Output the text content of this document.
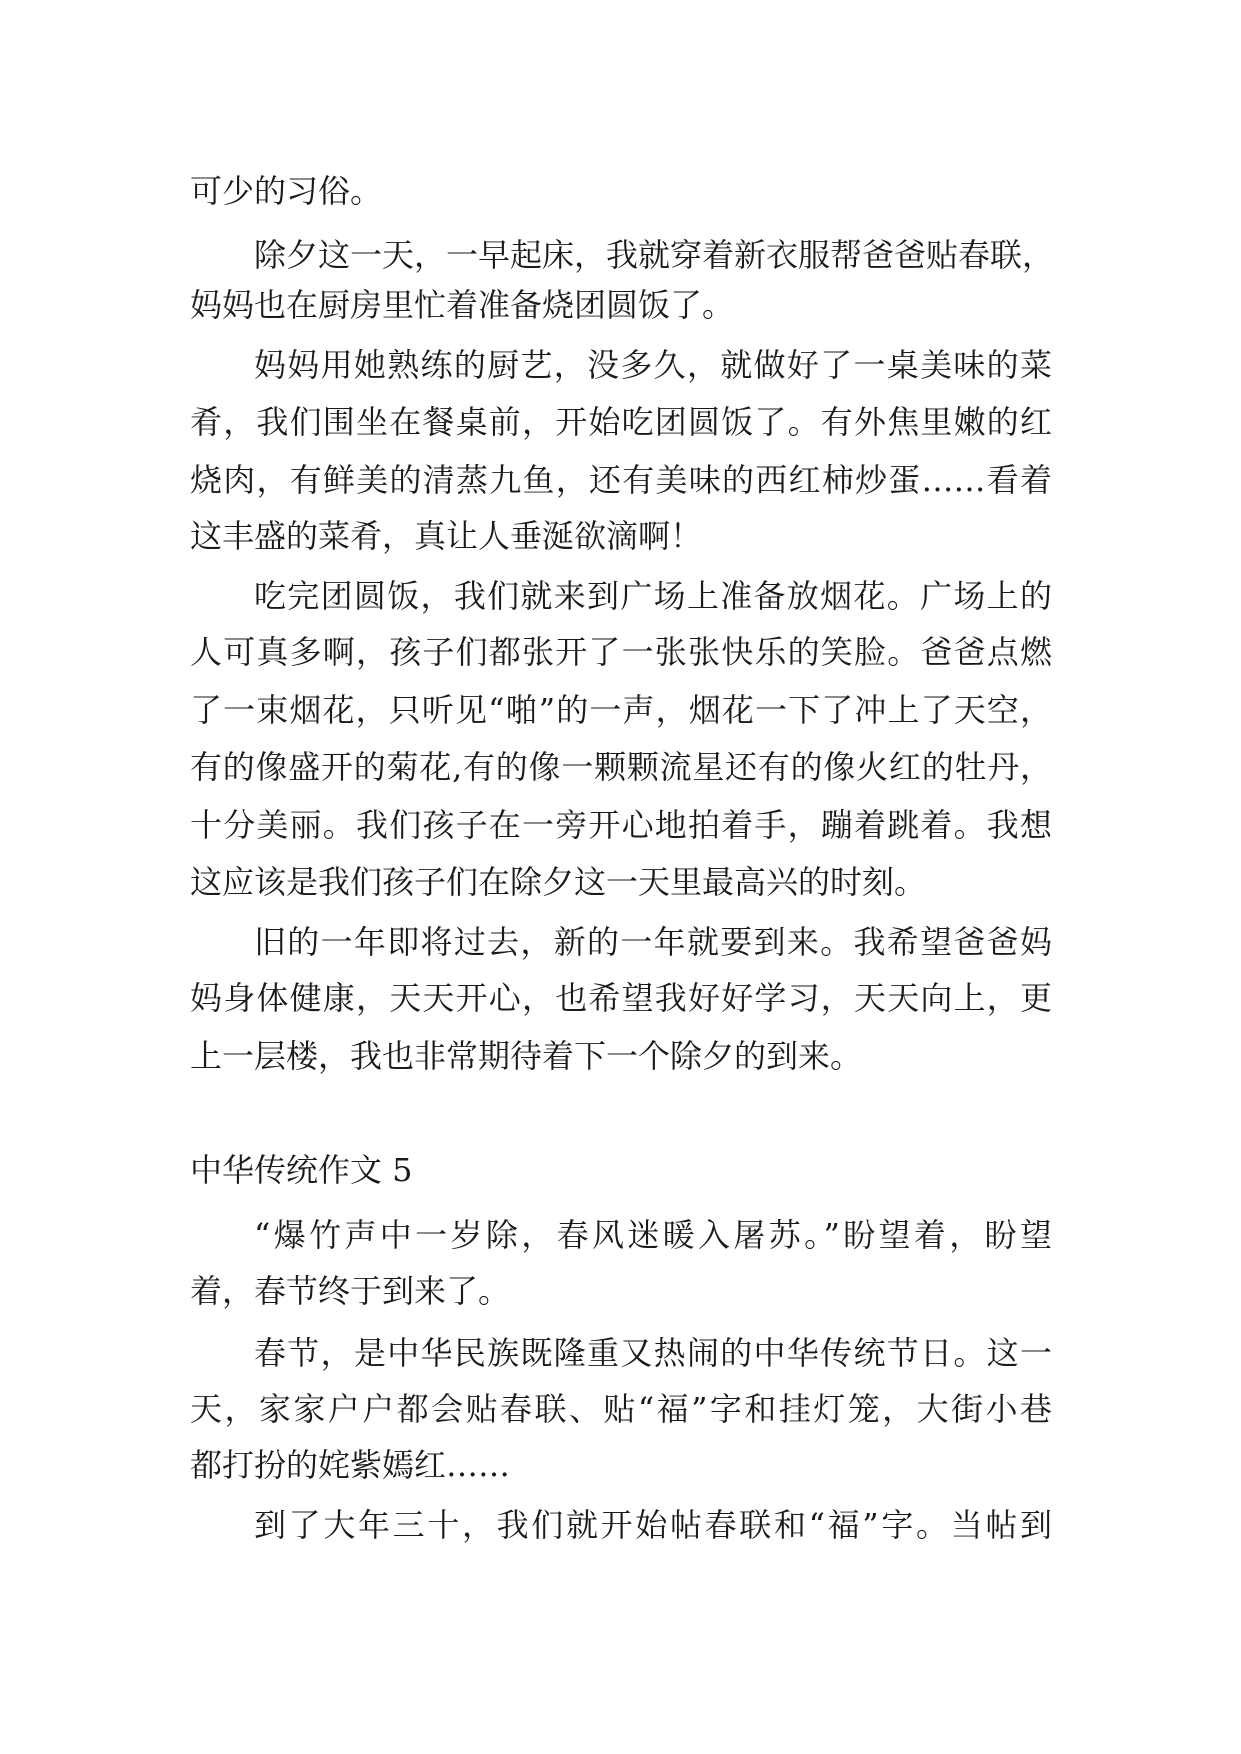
可少的习俗。
除夕这一天，一早起床，我就穿着新衣服帮爸爸贴春联，
妈妈也在厨房里忙着准备烧团圆饭了。
妈妈用她熟练的厨艺，没多久，就做好了一桌美味的菜
肴，我们围坐在餐桌前，开始吃团圆饭了。有外焦里嫩的红
烧肉，有鲜美的清蒸九鱼，还有美味的西红柿炒蛋……看着
这丰盛的菜肴，真让人垂涎欲滴啊！
吃完团圆饭，我们就来到广场上准备放烟花。广场上的
人可真多啊，孩子们都张开了一张张快乐的笑脸。爸爸点燃
了一束烟花，只听见“啪”的一声，烟花一下了冲上了天空，
有的像盛开的菊花,有的像一颗颗流星还有的像火红的牡丹，
十分美丽。我们孩子在一旁开心地拍着手，蹦着跳着。我想
这应该是我们孩子们在除夕这一天里最高兴的时刻。
旧的一年即将过去，新的一年就要到来。我希望爸爸妈
妈身体健康，天天开心，也希望我好好学习，天天向上，更
上一层楼，我也非常期待着下一个除夕的到来。
中华传统作文 5
“爆竹声中一岁除，春风迷暖入屠苏。”盼望着，盼望
着，春节终于到来了。
春节，是中华民族既隆重又热闹的中华传统节日。这一
天，家家户户都会贴春联、贴“福”字和挂灯笼，大街小巷
都打扮的姹紫嫣红……
到了大年三十，我们就开始帖春联和“福”字。当帖到
